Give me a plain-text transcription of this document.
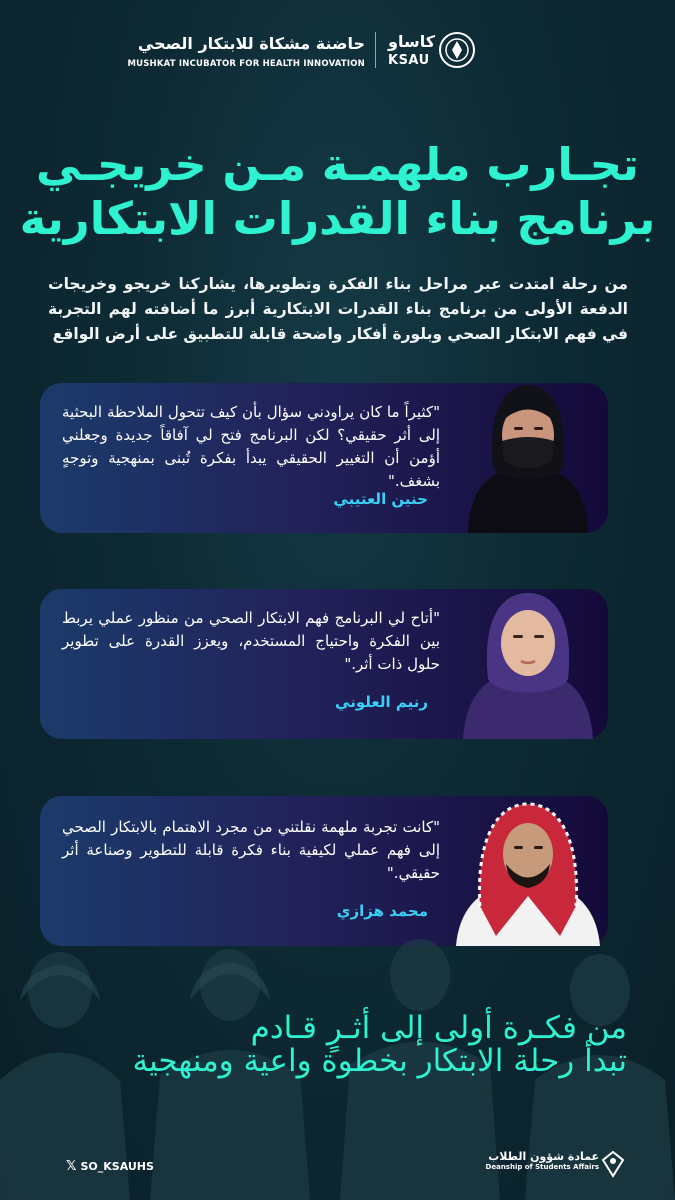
حاضنة مشكاة للابتكار الصحي
MUSHKAT INCUBATOR FOR HEALTH INNOVATION
كاساو
KSAU
تجـارب ملهمـة مـن خريجـي
برنامج بناء القدرات الابتكارية
من رحلة امتدت عبر مراحل بناء الفكرة وتطويرها، يشاركنا خريجو وخريجات الدفعة الأولى من برنامج بناء القدرات الابتكارية أبرز ما أضافته لهم التجربة في فهم الابتكار الصحي وبلورة أفكار واضحة قابلة للتطبيق على أرض الواقع
"كثيراً ما كان يراودني سؤال بأن كيف تتحول الملاحظة البحثية إلى أثر حقيقي؟ لكن البرنامج فتح لي آفاقاً جديدة وجعلني أؤمن أن التغيير الحقيقي يبدأ بفكرة تُبنى بمنهجية وتوجهٍ بشغف."
حنين العتيبي
"أتاح لي البرنامج فهم الابتكار الصحي من منظور عملي يربط بين الفكرة واحتياج المستخدم، ويعزز القدرة على تطوير حلول ذات أثر."
رنيم العلوني
"كانت تجربة ملهمة نقلتني من مجرد الاهتمام بالابتكار الصحي إلى فهم عملي لكيفية بناء فكرة قابلة للتطوير وصناعة أثر حقيقي."
محمد هزازي
من فكـرة أولى إلى أثـرٍ قـادم
تبدأ رحلة الابتكار بخطوة واعية ومنهجية
𝕏 SO_KSAUHS
عمادة شؤون الطلاب
Deanship of Students Affairs
